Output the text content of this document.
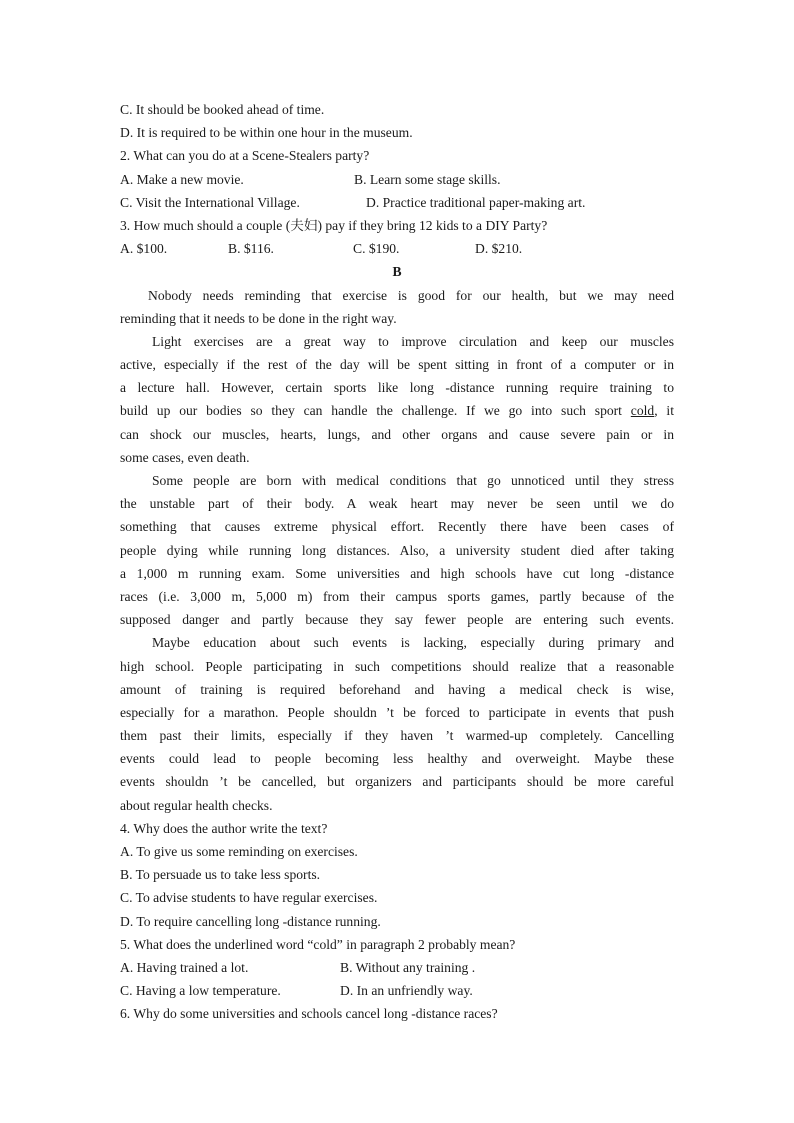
C. It should be booked ahead of time.
D. It is required to be within one hour in the museum.
2. What can you do at a Scene-Stealers party?
A. Make a new movie.	B. Learn some stage skills.
C. Visit the International Village.	D. Practice traditional paper-making art.
3. How much should a couple (夫妇) pay if they bring 12 kids to a DIY Party?
A. $100.	B. $116.	C. $190.	D. $210.
B
Nobody needs reminding that exercise is good for our health, but we may need
reminding that it needs to be done in the right way.
Light exercises are a great way to improve circulation and keep our muscles
active, especially if the rest of the day will be spent sitting in front of a computer or in
a lecture hall. However, certain sports like long -distance running require training to
build up our bodies so they can handle the challenge. If we go into such sport cold, it
can shock our muscles, hearts, lungs, and other organs and cause severe pain or in
some cases, even death.
Some people are born with medical conditions that go unnoticed until they stress
the unstable part of their body. A weak heart may never be seen until we do
something that causes extreme physical effort. Recently there have been cases of
people dying while running long distances. Also, a university student died after taking
a 1,000 m running exam. Some universities and high schools have cut long -distance
races (i.e. 3,000 m, 5,000 m) from their campus sports games, partly because of the
supposed danger and partly because they say fewer people are entering such events.
Maybe education about such events is lacking, especially during primary and
high school. People participating in such competitions should realize that a reasonable
amount of training is required beforehand and having a medical check is wise,
especially for a marathon. People shouldn ’t be forced to participate in events that push
them past their limits, especially if they haven ’t warmed-up completely. Cancelling
events could lead to people becoming less healthy and overweight. Maybe these
events shouldn ’t be cancelled, but organizers and participants should be more careful
about regular health checks.
4. Why does the author write the text?
A. To give us some reminding on exercises.
B. To persuade us to take less sports.
C. To advise students to have regular exercises.
D. To require cancelling long -distance running.
5. What does the underlined word “cold” in paragraph 2 probably mean?
A. Having trained a lot.	B. Without any training .
C. Having a low temperature.	D. In an unfriendly way.
6. Why do some universities and schools cancel long -distance races?
